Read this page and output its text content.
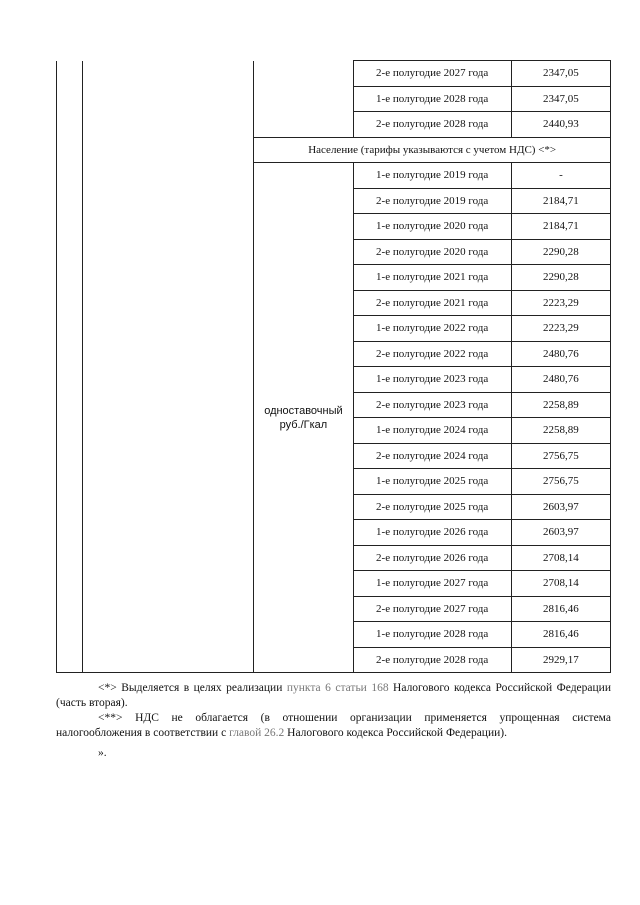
			2-е полугодие 2027 года	2347,05
			1-е полугодие 2028 года	2347,05
			2-е полугодие 2028 года	2440,93
		Население (тарифы указываются с учетом НДС) <*>		
		одноставочный руб./Гкал	1-е полугодие 2019 года	-
			2-е полугодие 2019 года	2184,71
			1-е полугодие 2020 года	2184,71
			2-е полугодие 2020 года	2290,28
			1-е полугодие 2021 года	2290,28
			2-е полугодие 2021 года	2223,29
			1-е полугодие 2022 года	2223,29
			2-е полугодие 2022 года	2480,76
			1-е полугодие 2023 года	2480,76
			2-е полугодие 2023 года	2258,89
			1-е полугодие 2024 года	2258,89
			2-е полугодие 2024 года	2756,75
			1-е полугодие 2025 года	2756,75
			2-е полугодие 2025 года	2603,97
			1-е полугодие 2026 года	2603,97
			2-е полугодие 2026 года	2708,14
			1-е полугодие 2027 года	2708,14
			2-е полугодие 2027 года	2816,46
			1-е полугодие 2028 года	2816,46
			2-е полугодие 2028 года	2929,17

<*> Выделяется в целях реализации пункта 6 статьи 168 Налогового кодекса Российской Федерации (часть вторая).

<**> НДС не облагается (в отношении организации применяется упрощенная система налогообложения в соответствии с главой 26.2 Налогового кодекса Российской Федерации).

».
